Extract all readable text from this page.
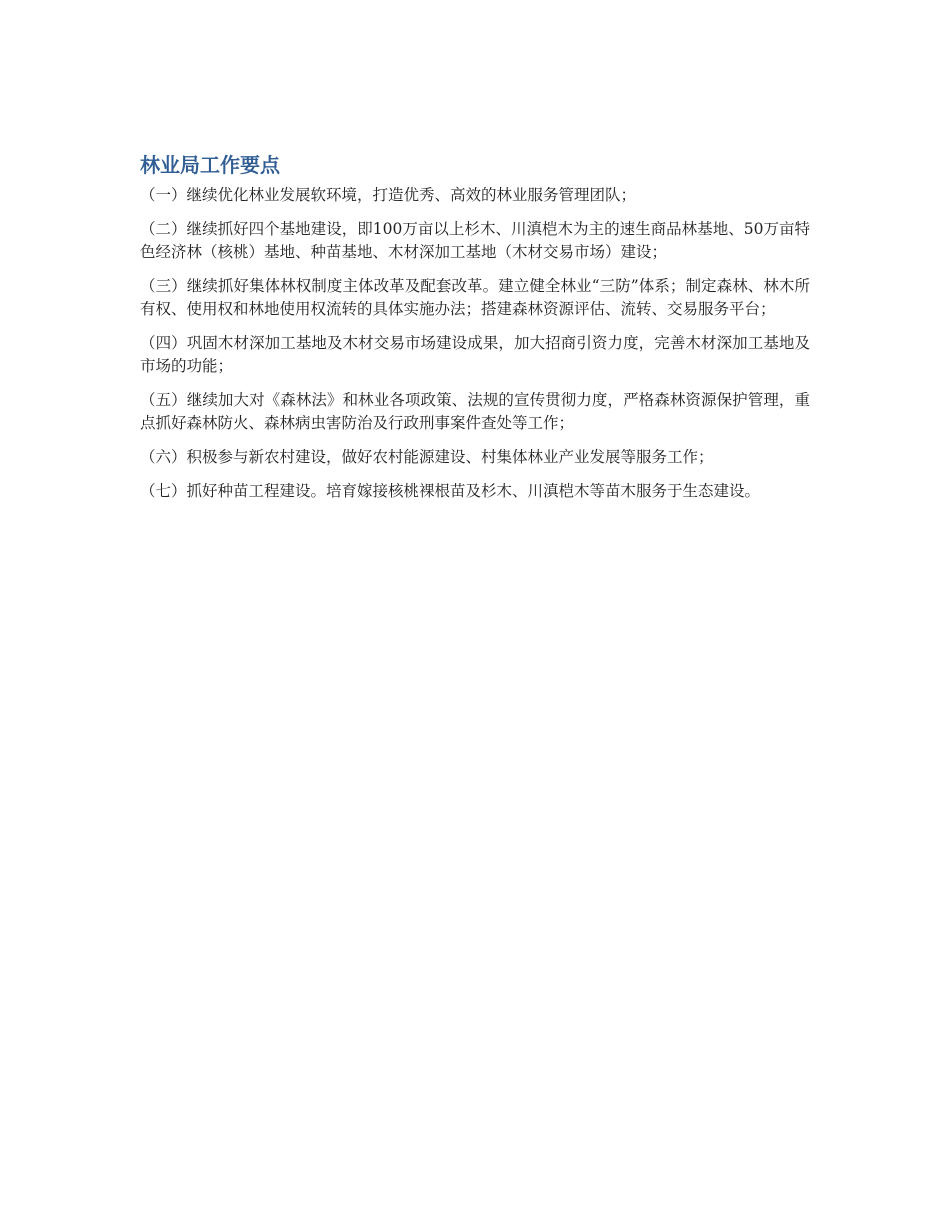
林业局工作要点

（一）继续优化林业发展软环境，打造优秀、高效的林业服务管理团队；

（二）继续抓好四个基地建设，即100万亩以上杉木、川滇桤木为主的速生商品林基地、50万亩特色经济林（核桃）基地、种苗基地、木材深加工基地（木材交易市场）建设；

（三）继续抓好集体林权制度主体改革及配套改革。建立健全林业“三防”体系；制定森林、林木所有权、使用权和林地使用权流转的具体实施办法；搭建森林资源评估、流转、交易服务平台；

（四）巩固木材深加工基地及木材交易市场建设成果，加大招商引资力度，完善木材深加工基地及市场的功能；

（五）继续加大对《森林法》和林业各项政策、法规的宣传贯彻力度，严格森林资源保护管理，重点抓好森林防火、森林病虫害防治及行政刑事案件查处等工作；

（六）积极参与新农村建设，做好农村能源建设、村集体林业产业发展等服务工作；

（七）抓好种苗工程建设。培育嫁接核桃裸根苗及杉木、川滇桤木等苗木服务于生态建设。
